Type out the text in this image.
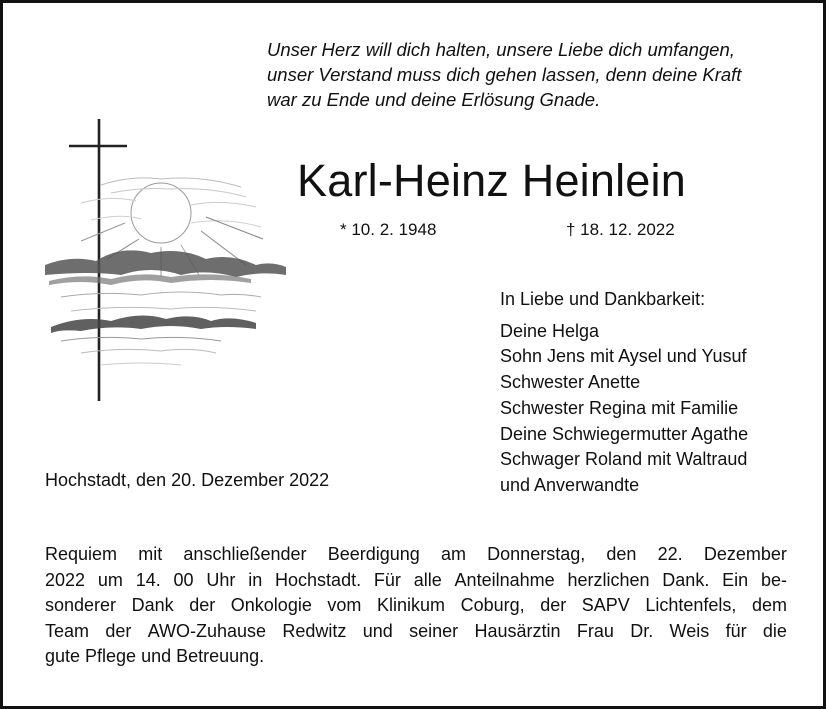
Unser Herz will dich halten, unsere Liebe dich umfangen,
unser Verstand muss dich gehen lassen, denn deine Kraft
war zu Ende und deine Erlösung Gnade.
Karl-Heinz Heinlein
* 10. 2. 1948	† 18. 12. 2022
In Liebe und Dankbarkeit:
Deine Helga
Sohn Jens mit Aysel und Yusuf
Schwester Anette
Schwester Regina mit Familie
Deine Schwiegermutter Agathe
Schwager Roland mit Waltraud
und Anverwandte
Hochstadt, den 20. Dezember 2022
Requiem mit anschließender Beerdigung am Donnerstag, den 22. Dezember
2022 um 14. 00 Uhr in Hochstadt. Für alle Anteilnahme herzlichen Dank. Ein be-
sonderer Dank der Onkologie vom Klinikum Coburg, der SAPV Lichtenfels, dem
Team der AWO-Zuhause Redwitz und seiner Hausärztin Frau Dr. Weis für die
gute Pflege und Betreuung.
